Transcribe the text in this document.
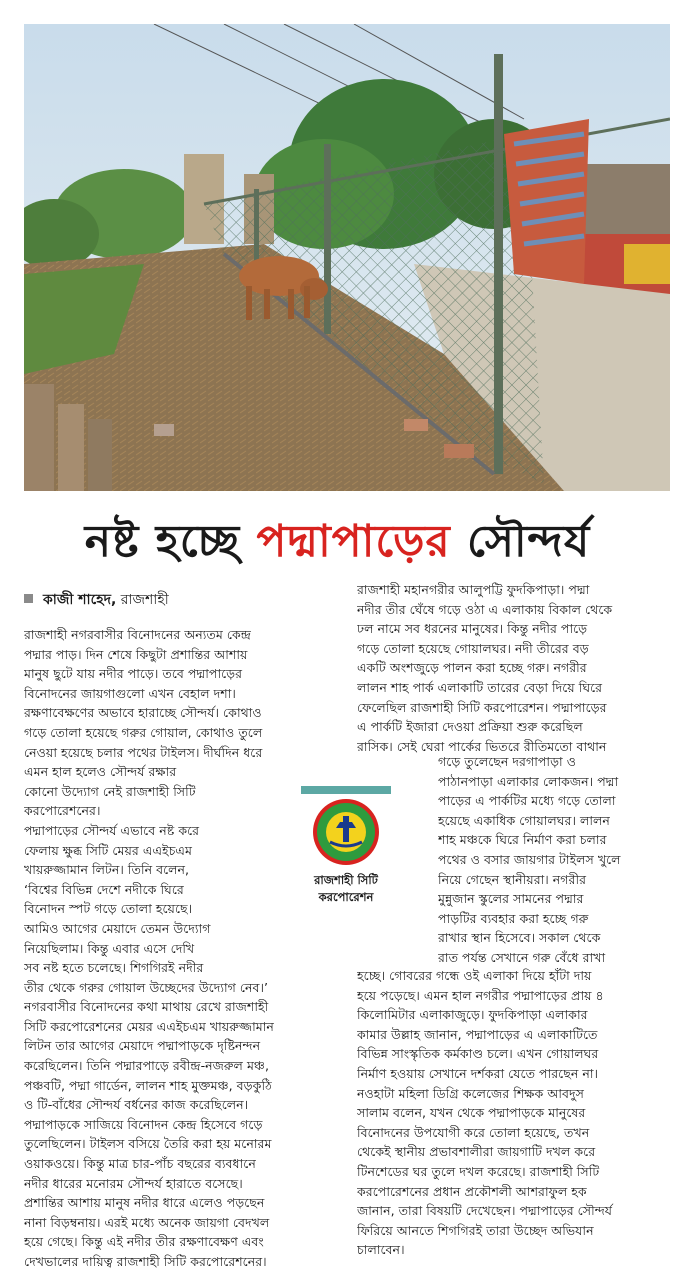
নষ্ট হচ্ছে পদ্মাপাড়ের সৌন্দর্য
কাজী শাহেদ, রাজশাহী
রাজশাহী নগরবাসীর বিনোদনের অন্যতম কেন্দ্র
পদ্মার পাড়। দিন শেষে কিছুটা প্রশান্তির আশায়
মানুষ ছুটে যায় নদীর পাড়ে। তবে পদ্মাপাড়ের
বিনোদনের জায়গাগুলো এখন বেহাল দশা।
রক্ষণাবেক্ষণের অভাবে হারাচ্ছে সৌন্দর্য। কোথাও
গড়ে তোলা হয়েছে গরুর গোয়াল, কোথাও তুলে
নেওয়া হয়েছে চলার পথের টাইলস। দীর্ঘদিন ধরে
এমন হাল হলেও সৌন্দর্য রক্ষার
কোনো উদ্যোগ নেই রাজশাহী সিটি
করপোরেশনের।
পদ্মাপাড়ের সৌন্দর্য এভাবে নষ্ট করে
ফেলায় ক্ষুব্ধ সিটি মেয়র এএইচএম
খায়রুজ্জামান লিটন। তিনি বলেন,
‘বিশ্বের বিভিন্ন দেশে নদীকে ঘিরে
বিনোদন স্পট গড়ে তোলা হয়েছে।
আমিও আগের মেয়াদে তেমন উদ্যোগ
নিয়েছিলাম। কিন্তু এবার এসে দেখি
সব নষ্ট হতে চলেছে। শিগগিরই নদীর
তীর থেকে গরুর গোয়াল উচ্ছেদের উদ্যোগ নেব।’
নগরবাসীর বিনোদনের কথা মাথায় রেখে রাজশাহী
সিটি করপোরেশনের মেয়র এএইচএম খায়রুজ্জামান
লিটন তার আগের মেয়াদে পদ্মাপাড়কে দৃষ্টিনন্দন
করেছিলেন। তিনি পদ্মারপাড়ে রবীন্দ্র-নজরুল মঞ্চ,
পঞ্চবটি, পদ্মা গার্ডেন, লালন শাহ মুক্তমঞ্চ, বড়কুঠি
ও টি-বাঁধের সৌন্দর্য বর্ধনের কাজ করেছিলেন।
পদ্মাপাড়কে সাজিয়ে বিনোদন কেন্দ্র হিসেবে গড়ে
তুলেছিলেন। টাইলস বসিয়ে তৈরি করা হয় মনোরম
ওয়াকওয়ে। কিন্তু মাত্র চার-পাঁচ বছরের ব্যবধানে
নদীর ধারের মনোরম সৌন্দর্য হারাতে বসেছে।
প্রশান্তির আশায় মানুষ নদীর ধারে এলেও পড়ছেন
নানা বিড়ম্বনায়। এরই মধ্যে অনেক জায়গা বেদখল
হয়ে গেছে। কিন্তু এই নদীর তীর রক্ষণাবেক্ষণ এবং
দেখভালের দায়িত্ব রাজশাহী সিটি করপোরেশনের।
রাজশাহী মহানগরীর আলুপট্টি ফুদকিপাড়া। পদ্মা
নদীর তীর ঘেঁষে গড়ে ওঠা এ এলাকায় বিকাল থেকে
ঢল নামে সব ধরনের মানুষের। কিন্তু নদীর পাড়ে
গড়ে তোলা হয়েছে গোয়ালঘর। নদী তীরের বড়
একটি অংশজুড়ে পালন করা হচ্ছে গরু। নগরীর
লালন শাহ পার্ক এলাকাটি তারের বেড়া দিয়ে ঘিরে
ফেলেছিল রাজশাহী সিটি করপোরেশন। পদ্মাপাড়ের
এ পার্কটি ইজারা দেওয়া প্রক্রিয়া শুরু করেছিল
রাসিক। সেই ঘেরা পার্কের ভিতরে রীতিমতো বাথান
গড়ে তুলেছেন দরগাপাড়া ও
পাঠানপাড়া এলাকার লোকজন। পদ্মা
পাড়ের এ পার্কটির মধ্যে গড়ে তোলা
হয়েছে একাধিক গোয়ালঘর। লালন
শাহ মঞ্চকে ঘিরে নির্মাণ করা চলার
পথের ও বসার জায়গার টাইলস খুলে
নিয়ে গেছেন স্থানীয়রা। নগরীর
মুন্নুজান স্কুলের সামনের পদ্মার
পাড়টির ব্যবহার করা হচ্ছে গরু
রাখার স্থান হিসেবে। সকাল থেকে
রাত পর্যন্ত সেখানে গরু বেঁধে রাখা
হচ্ছে। গোবরের গন্ধে ওই এলাকা দিয়ে হাঁটা দায়
হয়ে পড়েছে। এমন হাল নগরীর পদ্মাপাড়ের প্রায় ৪
কিলোমিটার এলাকাজুড়ে। ফুদকিপাড়া এলাকার
কামার উল্লাহ জানান, পদ্মাপাড়ের এ এলাকাটিতে
বিভিন্ন সাংস্কৃতিক কর্মকাণ্ড চলে। এখন গোয়ালঘর
নির্মাণ হওয়ায় সেখানে দর্শকরা যেতে পারছেন না।
নওহাটা মহিলা ডিগ্রি কলেজের শিক্ষক আবদুস
সালাম বলেন, যখন থেকে পদ্মাপাড়কে মানুষের
বিনোদনের উপযোগী করে তোলা হয়েছে, তখন
থেকেই স্থানীয় প্রভাবশালীরা জায়গাটি দখল করে
টিনশেডের ঘর তুলে দখল করেছে। রাজশাহী সিটি
করপোরেশনের প্রধান প্রকৌশলী আশরাফুল হক
জানান, তারা বিষয়টি দেখেছেন। পদ্মাপাড়ের সৌন্দর্য
ফিরিয়ে আনতে শিগগিরই তারা উচ্ছেদ অভিযান
চালাবেন।
রাজশাহী সিটি
করপোরেশন
